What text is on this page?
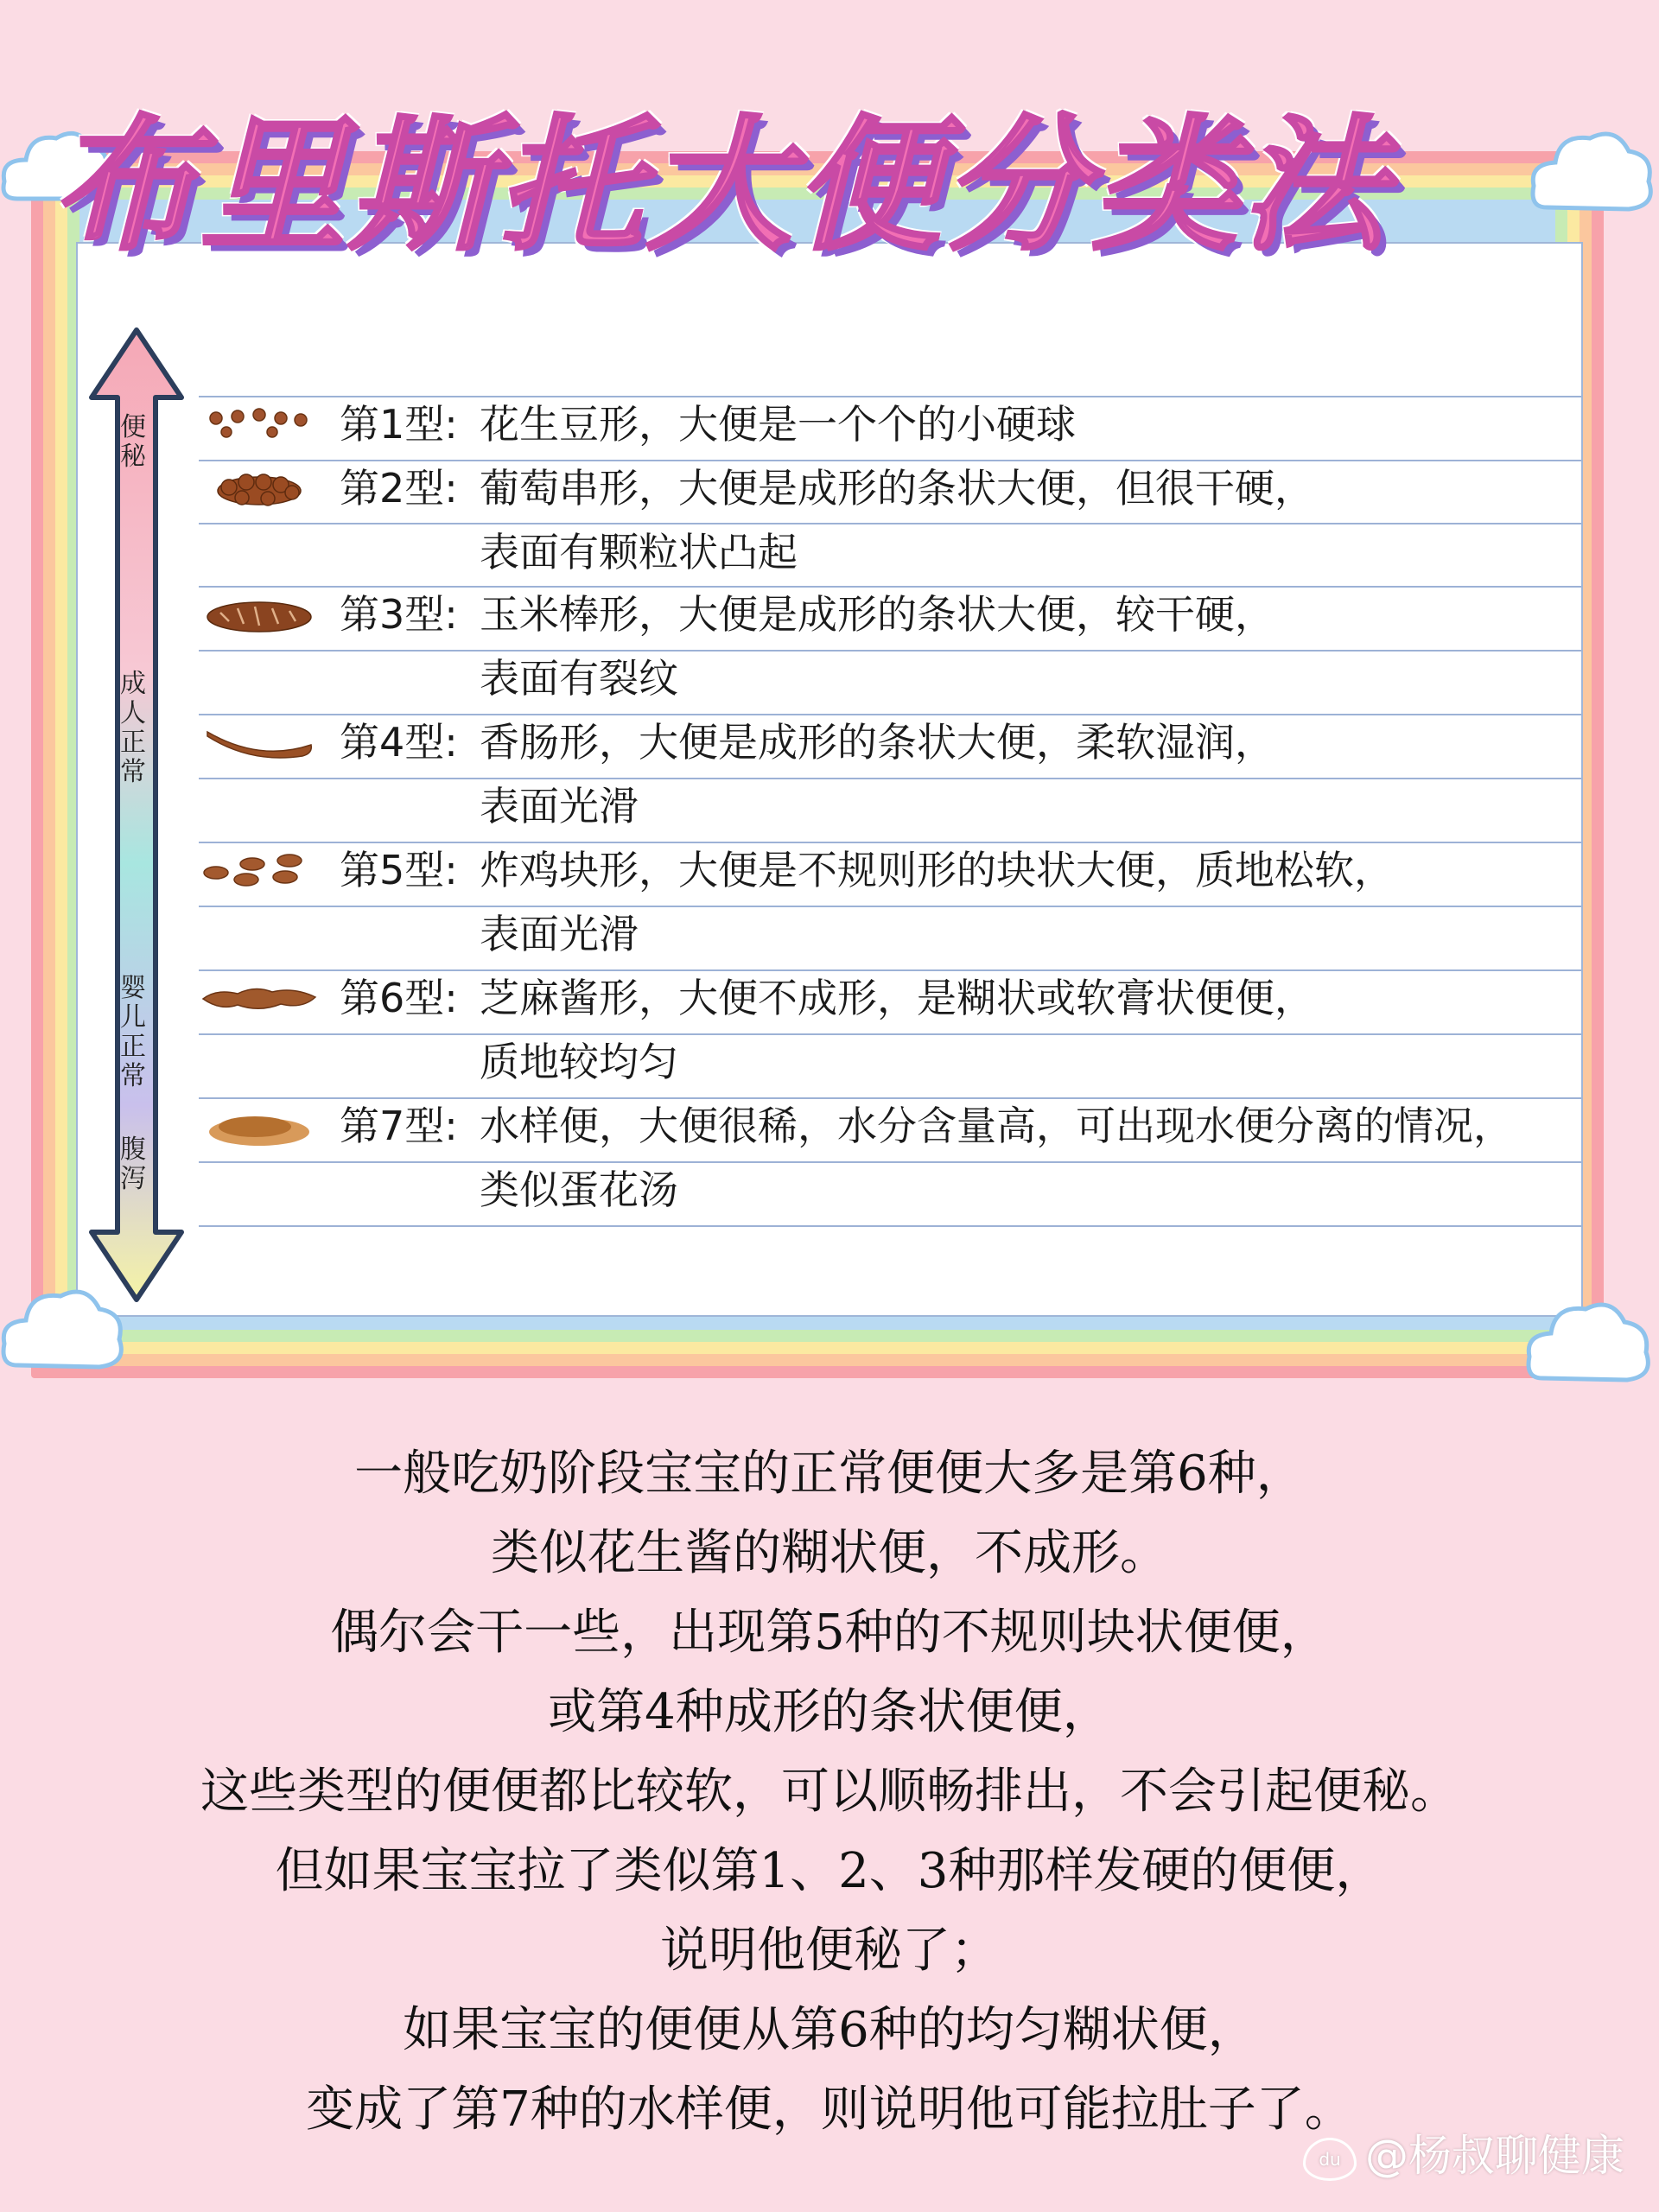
布里斯托大便分类法
便秘
成人正常
婴儿正常
腹泻
第1型: 花生豆形，大便是一个个的小硬球
第2型: 葡萄串形，大便是成形的条状大便，但很干硬，
表面有颗粒状凸起
第3型: 玉米棒形，大便是成形的条状大便，较干硬，
表面有裂纹
第4型: 香肠形，大便是成形的条状大便，柔软湿润，
表面光滑
第5型: 炸鸡块形，大便是不规则形的块状大便，质地松软，
表面光滑
第6型: 芝麻酱形，大便不成形，是糊状或软膏状便便，
质地较均匀
第7型: 水样便，大便很稀，水分含量高，可出现水便分离的情况，
类似蛋花汤
一般吃奶阶段宝宝的正常便便大多是第6种，
类似花生酱的糊状便，不成形。
偶尔会干一些，出现第5种的不规则块状便便，
或第4种成形的条状便便，
这些类型的便便都比较软，可以顺畅排出，不会引起便秘。
但如果宝宝拉了类似第1、2、3种那样发硬的便便，
说明他便秘了；
如果宝宝的便便从第6种的均匀糊状便，
变成了第7种的水样便，则说明他可能拉肚子了。
du @杨叔聊健康
